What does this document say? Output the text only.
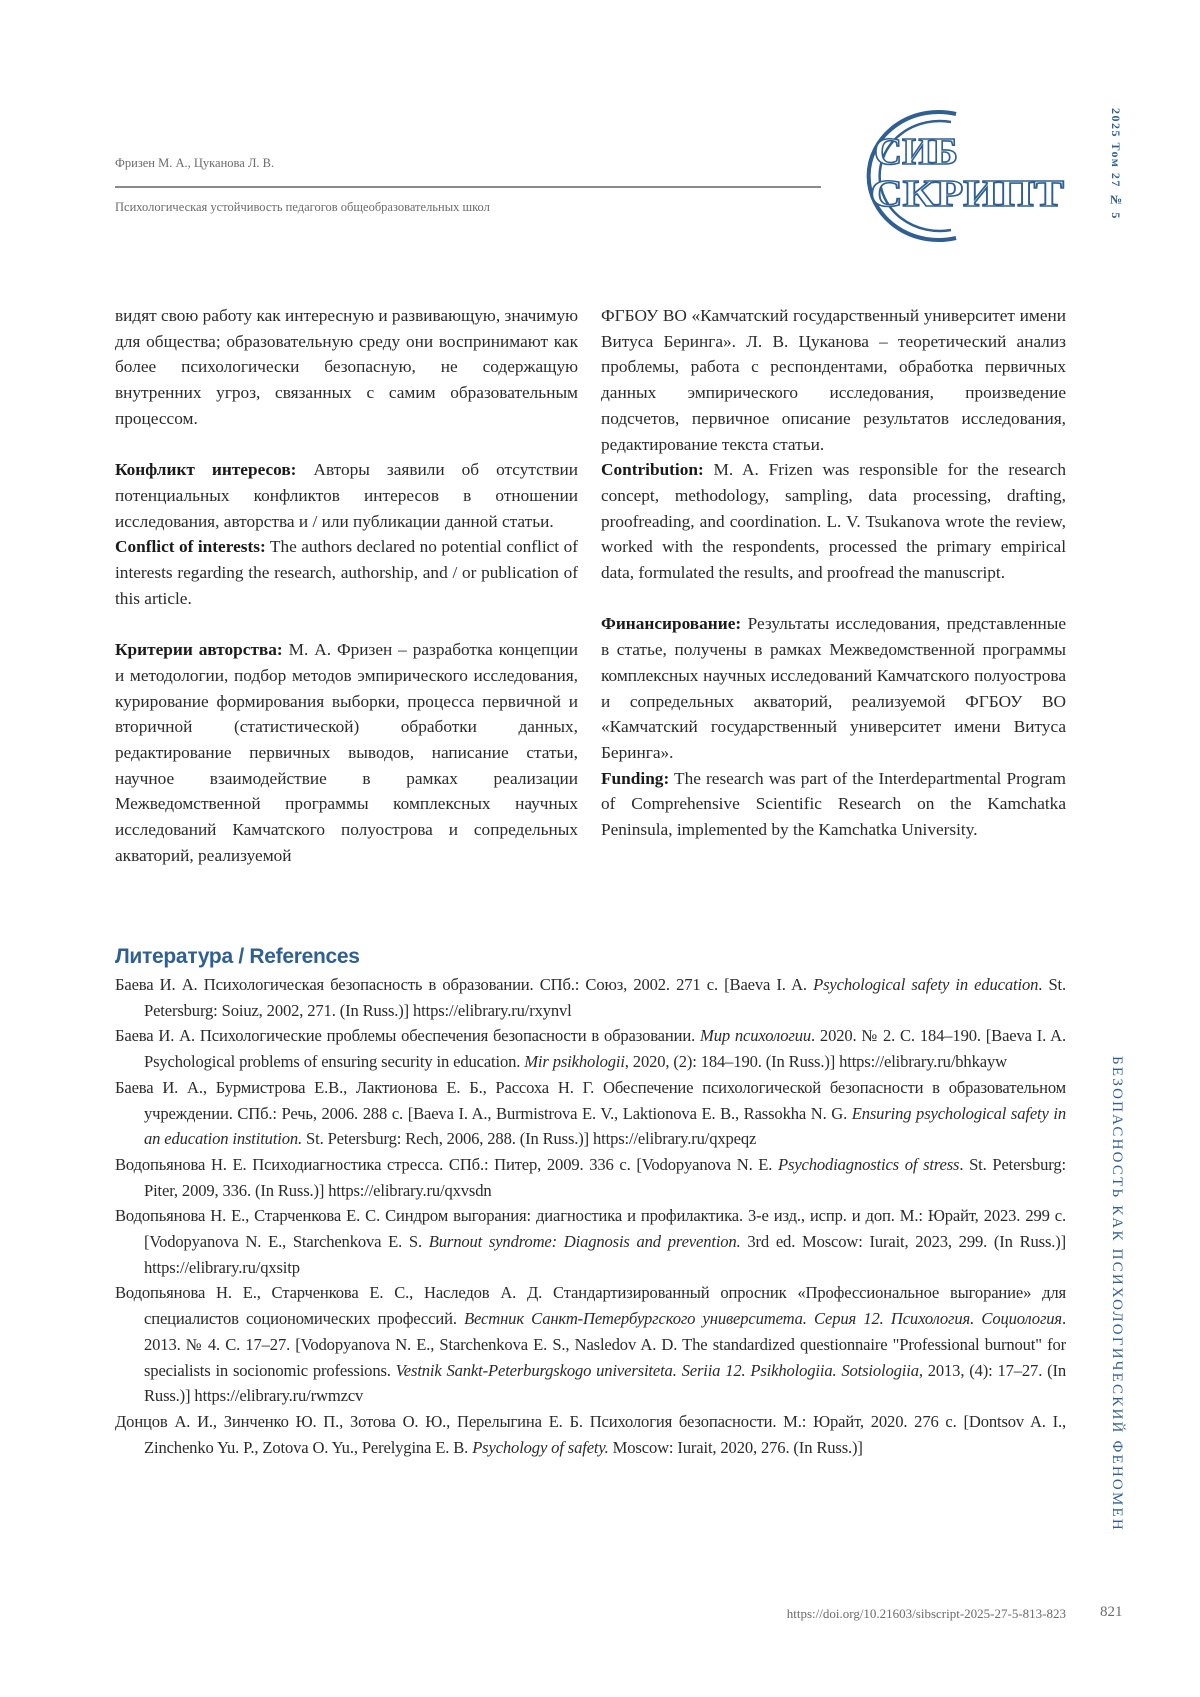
Фризен М. А., Цуканова Л. В.
Психологическая устойчивость педагогов общеобразовательных школ
СИБ
СКРИПТ	2025 Том 27 № 5

видят свою работу как интересную и развивающую, значимую для общества; образовательную среду они воспринимают как более психологически безопасную, не содержащую внутренних угроз, связанных с самим образовательным процессом.

Конфликт интересов: Авторы заявили об отсутствии потенциальных конфликтов интересов в отношении исследования, авторства и / или публикации данной статьи.

Conflict of interests: The authors declared no potential conflict of interests regarding the research, authorship, and / or publication of this article.

Критерии авторства: М. А. Фризен – разработка концепции и методологии, подбор методов эмпирического исследования, курирование формирования выборки, процесса первичной и вторичной (статистической) обработки данных, редактирование первичных выводов, написание статьи, научное взаимодействие в рамках реализации Межведомственной программы комплексных научных исследований Камчатского полуострова и сопредельных акваторий, реализуемой

ФГБОУ ВО «Камчатский государственный университет имени Витуса Беринга». Л. В. Цуканова – теоретический анализ проблемы, работа с респондентами, обработка первичных данных эмпирического исследования, произведение подсчетов, первичное описание результатов исследования, редактирование текста статьи.

Contribution: M. A. Frizen was responsible for the research concept, methodology, sampling, data processing, drafting, proofreading, and coordination. L. V. Tsukanova wrote the review, worked with the respondents, processed the primary empirical data, formulated the results, and proofread the manuscript.

Финансирование: Результаты исследования, представленные в статье, получены в рамках Межведомственной программы комплексных научных исследований Камчатского полуострова и сопредельных акваторий, реализуемой ФГБОУ ВО «Камчатский государственный университет имени Витуса Беринга».

Funding: The research was part of the Interdepartmental Program of Comprehensive Scientific Research on the Kamchatka Peninsula, implemented by the Kamchatka University.

Литература / References

Баева И. А. Психологическая безопасность в образовании. СПб.: Союз, 2002. 271 с. [Baeva I. A. Psychological safety in education. St. Petersburg: Soiuz, 2002, 271. (In Russ.)] https://elibrary.ru/rxynvl

Баева И. А. Психологические проблемы обеспечения безопасности в образовании. Мир психологии. 2020. № 2. С. 184–190. [Baeva I. A. Psychological problems of ensuring security in education. Mir psikhologii, 2020, (2): 184–190. (In Russ.)] https://elibrary.ru/bhkayw

Баева И. А., Бурмистрова Е.В., Лактионова Е. Б., Рассоха Н. Г. Обеспечение психологической безопасности в образовательном учреждении. СПб.: Речь, 2006. 288 с. [Baeva I. A., Burmistrova E. V., Laktionova E. B., Rassokha N. G. Ensuring psychological safety in an education institution. St. Petersburg: Rech, 2006, 288. (In Russ.)] https://elibrary.ru/qxpeqz

Водопьянова Н. Е. Психодиагностика стресса. СПб.: Питер, 2009. 336 с. [Vodopyanova N. E. Psychodiagnostics of stress. St. Petersburg: Piter, 2009, 336. (In Russ.)] https://elibrary.ru/qxvsdn

Водопьянова Н. Е., Старченкова Е. С. Синдром выгорания: диагностика и профилактика. 3-е изд., испр. и доп. М.: Юрайт, 2023. 299 с. [Vodopyanova N. E., Starchenkova E. S. Burnout syndrome: Diagnosis and prevention. 3rd ed. Moscow: Iurait, 2023, 299. (In Russ.)] https://elibrary.ru/qxsitp

Водопьянова Н. Е., Старченкова Е. С., Наследов А. Д. Стандартизированный опросник «Профессиональное выгорание» для специалистов социономических профессий. Вестник Санкт-Петербургского университета. Серия 12. Психология. Социология. 2013. № 4. С. 17–27. [Vodopyanova N. E., Starchenkova E. S., Nasledov A. D. The standardized questionnaire "Professional burnout" for specialists in socionomic professions. Vestnik Sankt-Peterburgskogo universiteta. Seriia 12. Psikhologiia. Sotsiologiia, 2013, (4): 17–27. (In Russ.)] https://elibrary.ru/rwmzcv

Донцов А. И., Зинченко Ю. П., Зотова О. Ю., Перелыгина Е. Б. Психология безопасности. М.: Юрайт, 2020. 276 с. [Dontsov A. I., Zinchenko Yu. P., Zotova O. Yu., Perelygina E. B. Psychology of safety. Moscow: Iurait, 2020, 276. (In Russ.)]	БЕЗОПАСНОСТЬ КАК ПСИХОЛОГИЧЕСКИЙ ФЕНОМЕН
https://doi.org/10.21603/sibscript-2025-27-5-813-823 821
